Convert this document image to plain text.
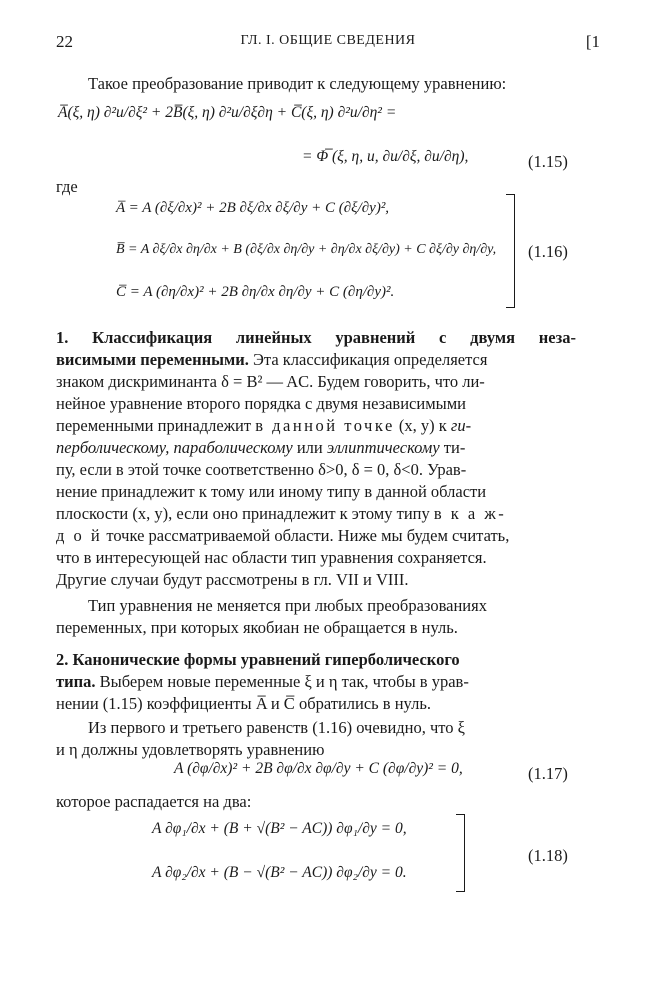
22	ГЛ. I. ОБЩИЕ СВЕДЕНИЯ	[1
Такое преобразование приводит к следующему уравнению:
A̅(ξ, η) ∂²u/∂ξ² + 2B̅(ξ, η) ∂²u/∂ξ∂η + C̅(ξ, η) ∂²u/∂η² =
= Φ̅ (ξ, η, u, ∂u/∂ξ, ∂u/∂η),	(1.15)
где
A̅ = A (∂ξ/∂x)² + 2B ∂ξ/∂x ∂ξ/∂y + C (∂ξ/∂y)²,
B̅ = A ∂ξ/∂x ∂η/∂x + B (∂ξ/∂x ∂η/∂y + ∂η/∂x ∂ξ/∂y) + C ∂ξ/∂y ∂η/∂y,
C̅ = A (∂η/∂x)² + 2B ∂η/∂x ∂η/∂y + C (∂η/∂y)².
(1.16)
1. Классификация линейных уравнений с двумя неза-
висимыми переменными. Эта классификация определяется
знаком дискриминанта δ = B² — AC. Будем говорить, что ли-
нейное уравнение второго порядка с двумя независимыми
переменными принадлежит в данной точке (x, y) к ги-
перболическому, параболическому или эллиптическому ти-
пу, если в этой точке соответственно δ>0, δ = 0, δ<0. Урав-
нение принадлежит к тому или иному типу в данной области
плоскости (x, y), если оно принадлежит к этому типу в к а ж-
д о й точке рассматриваемой области. Ниже мы будем считать,
что в интересующей нас области тип уравнения сохраняется.
Другие случаи будут рассмотрены в гл. VII и VIII.
Тип уравнения не меняется при любых преобразованиях
переменных, при которых якобиан не обращается в нуль.
2. Канонические формы уравнений гиперболического
типа. Выберем новые переменные ξ и η так, чтобы в урав-
нении (1.15) коэффициенты A̅ и C̅ обратились в нуль.
Из первого и третьего равенств (1.16) очевидно, что ξ
и η должны удовлетворять уравнению
A (∂φ/∂x)² + 2B ∂φ/∂x ∂φ/∂y + C (∂φ/∂y)² = 0,	(1.17)
которое распадается на два:
A ∂φ₁/∂x + (B + √(B² − AC)) ∂φ₁/∂y = 0,
A ∂φ₂/∂x + (B − √(B² − AC)) ∂φ₂/∂y = 0.
(1.18)
